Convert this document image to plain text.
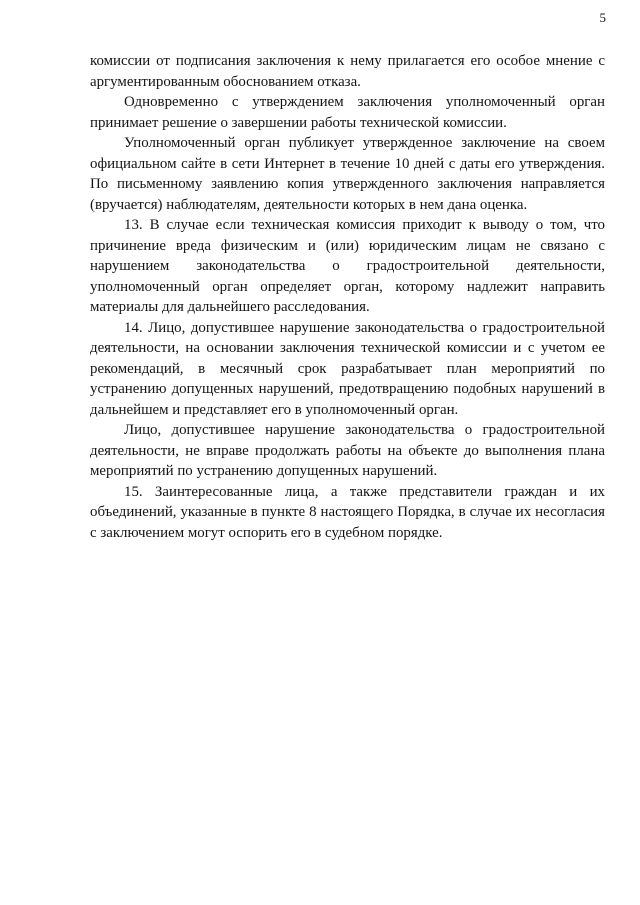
5

комиссии от подписания заключения к нему прилагается его особое мнение с аргументированным обоснованием отказа.

Одновременно с утверждением заключения уполномоченный орган принимает решение о завершении работы технической комиссии.

Уполномоченный орган публикует утвержденное заключение на своем официальном сайте в сети Интернет в течение 10 дней с даты его утверждения. По письменному заявлению копия утвержденного заключения направляется (вручается) наблюдателям, деятельности которых в нем дана оценка.

13. В случае если техническая комиссия приходит к выводу о том, что причинение вреда физическим и (или) юридическим лицам не связано с нарушением законодательства о градостроительной деятельности, уполномоченный орган определяет орган, которому надлежит направить материалы для дальнейшего расследования.

14. Лицо, допустившее нарушение законодательства о градостроительной деятельности, на основании заключения технической комиссии и с учетом ее рекомендаций, в месячный срок разрабатывает план мероприятий по устранению допущенных нарушений, предотвращению подобных нарушений в дальнейшем и представляет его в уполномоченный орган.

Лицо, допустившее нарушение законодательства о градостроительной деятельности, не вправе продолжать работы на объекте до выполнения плана мероприятий по устранению допущенных нарушений.

15. Заинтересованные лица, а также представители граждан и их объединений, указанные в пункте 8 настоящего Порядка, в случае их несогласия с заключением могут оспорить его в судебном порядке.
